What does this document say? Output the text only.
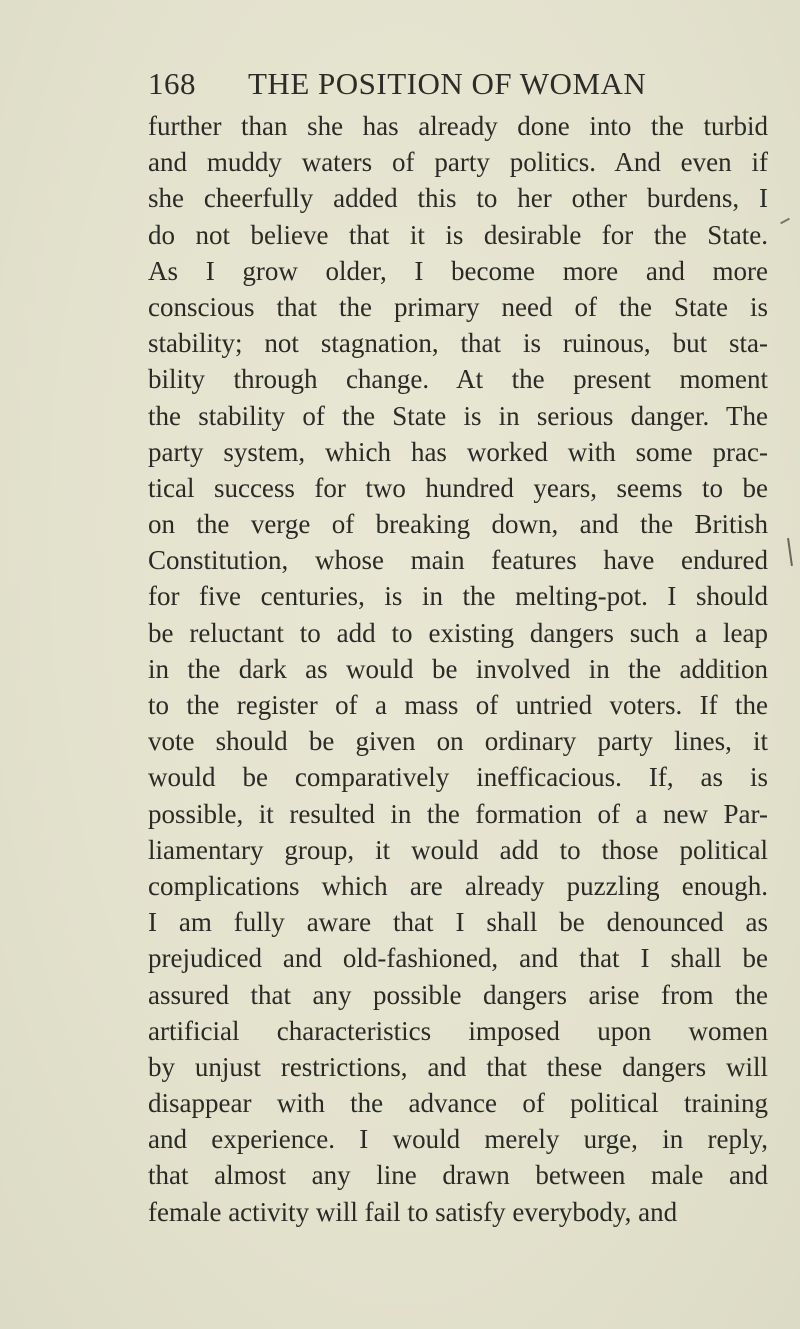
168 THE POSITION OF WOMAN
further than she has already done into the turbid
and muddy waters of party politics. And even if
she cheerfully added this to her other burdens, I
do not believe that it is desirable for the State.
As I grow older, I become more and more
conscious that the primary need of the State is
stability; not stagnation, that is ruinous, but sta-
bility through change. At the present moment
the stability of the State is in serious danger. The
party system, which has worked with some prac-
tical success for two hundred years, seems to be
on the verge of breaking down, and the British
Constitution, whose main features have endured
for five centuries, is in the melting-pot. I should
be reluctant to add to existing dangers such a leap
in the dark as would be involved in the addition
to the register of a mass of untried voters. If the
vote should be given on ordinary party lines, it
would be comparatively inefficacious. If, as is
possible, it resulted in the formation of a new Par-
liamentary group, it would add to those political
complications which are already puzzling enough.
I am fully aware that I shall be denounced as
prejudiced and old-fashioned, and that I shall be
assured that any possible dangers arise from the
artificial characteristics imposed upon women
by unjust restrictions, and that these dangers will
disappear with the advance of political training
and experience. I would merely urge, in reply,
that almost any line drawn between male and
female activity will fail to satisfy everybody, and
